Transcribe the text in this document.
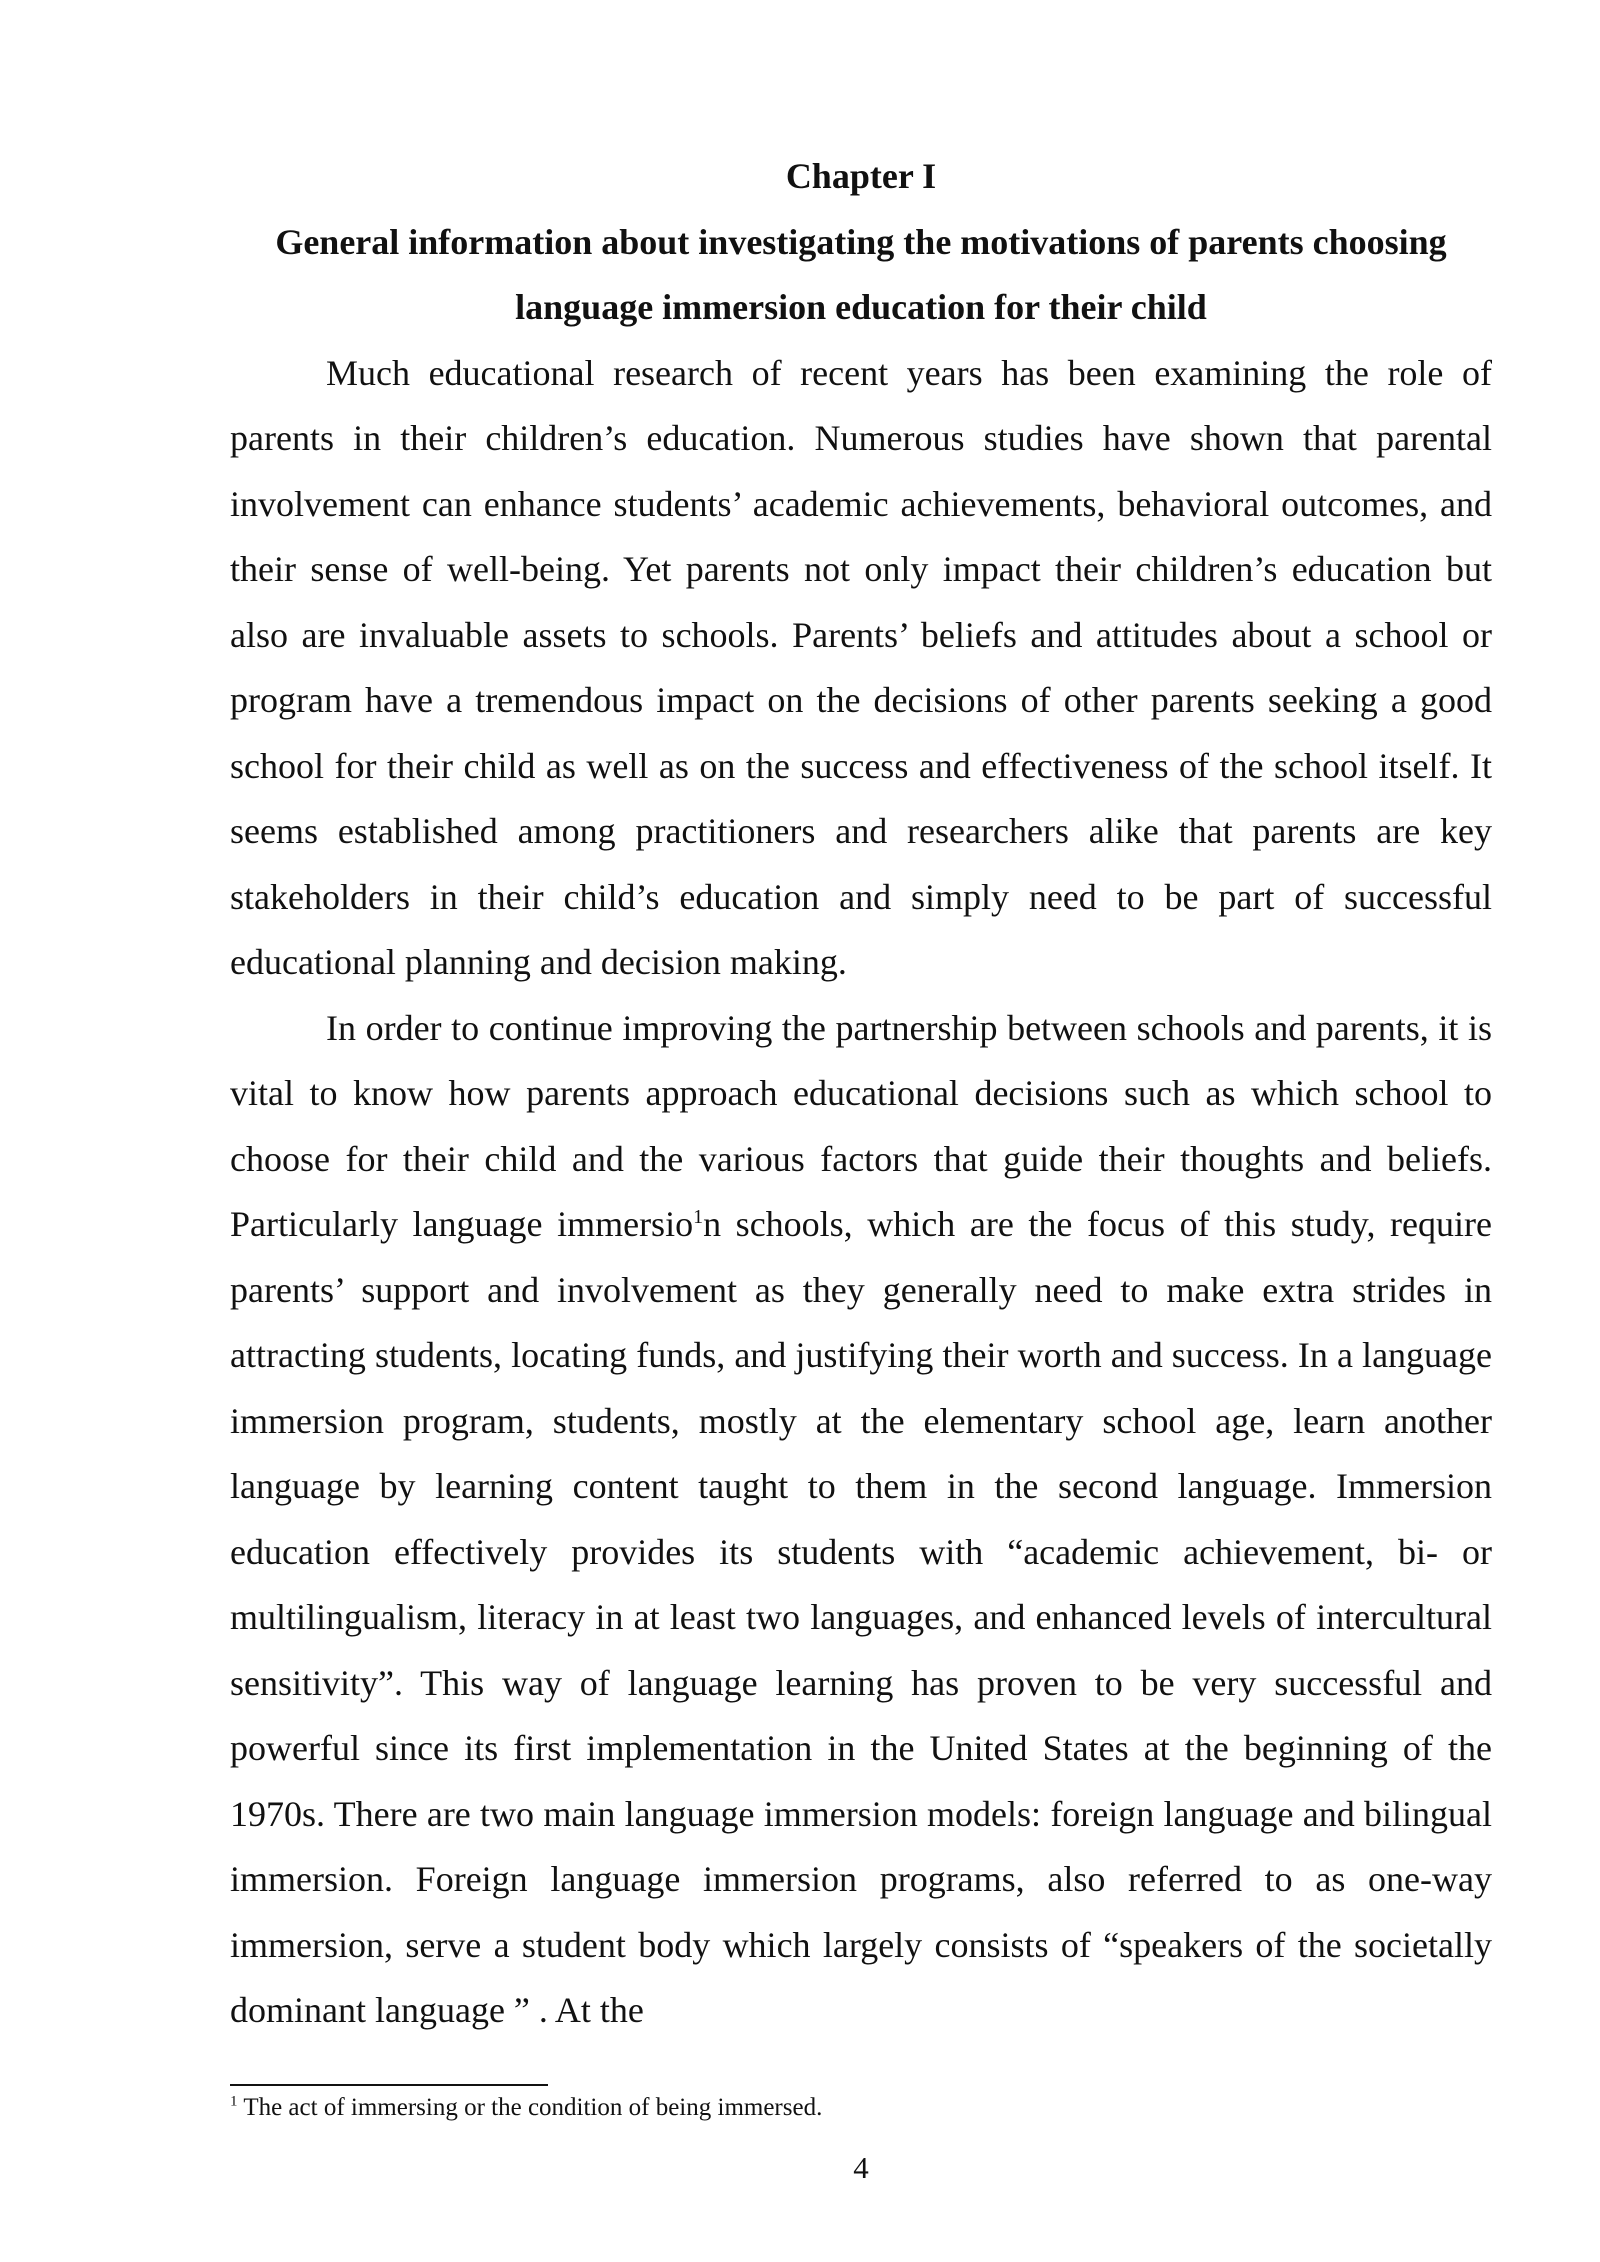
Chapter I
General information about investigating the motivations of parents choosing language immersion education for their child

Much educational research of recent years has been examining the role of parents in their children’s education. Numerous studies have shown that parental involvement can enhance students’ academic achievements, behavioral outcomes, and their sense of well-being. Yet parents not only impact their children’s education but also are invaluable assets to schools. Parents’ beliefs and attitudes about a school or program have a tremendous impact on the decisions of other parents seeking a good school for their child as well as on the success and effectiveness of the school itself. It seems established among practitioners and researchers alike that parents are key stakeholders in their child’s education and simply need to be part of successful educational planning and decision making.

In order to continue improving the partnership between schools and parents, it is vital to know how parents approach educational decisions such as which school to choose for their child and the various factors that guide their thoughts and beliefs. Particularly language immersio$^1$n schools, which are the focus of this study, require parents’ support and involvement as they generally need to make extra strides in attracting students, locating funds, and justifying their worth and success. In a language immersion program, students, mostly at the elementary school age, learn another language by learning content taught to them in the second language. Immersion education effectively provides its students with “academic achievement, bi- or multilingualism, literacy in at least two languages, and enhanced levels of intercultural sensitivity”. This way of language learning has proven to be very successful and powerful since its first implementation in the United States at the beginning of the 1970s. There are two main language immersion models: foreign language and bilingual immersion. Foreign language immersion programs, also referred to as one-way immersion, serve a student body which largely consists of “speakers of the societally dominant language ” . At the

$^1$ The act of immersing or the condition of being immersed.

4
